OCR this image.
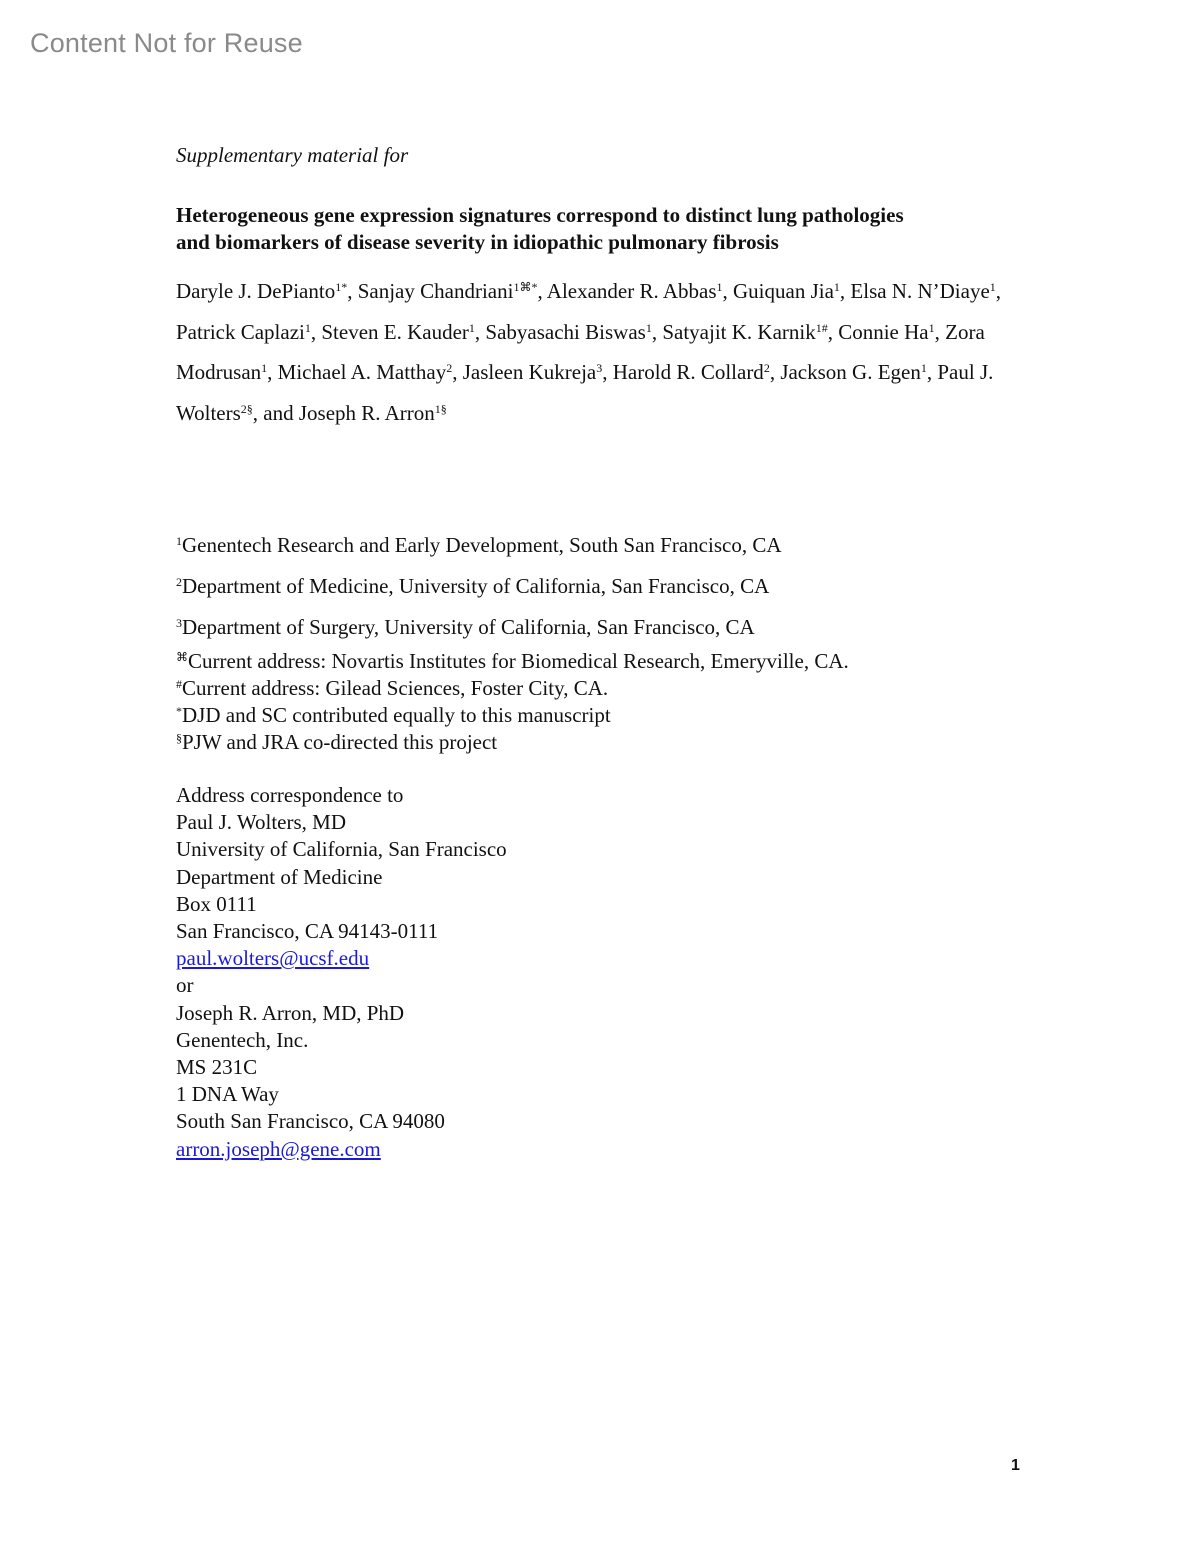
Content Not for Reuse

Supplementary material for

Heterogeneous gene expression signatures correspond to distinct lung pathologies
and biomarkers of disease severity in idiopathic pulmonary fibrosis
Daryle J. DePianto$^{1*}$, Sanjay Chandriani$^{1⌘*}$, Alexander R. Abbas$^1$, Guiquan Jia$^1$, Elsa N. N’Diaye$^1$, Patrick Caplazi$^1$, Steven E. Kauder$^1$, Sabyasachi Biswas$^1$, Satyajit K. Karnik$^{1\#}$, Connie Ha$^1$, Zora Modrusan$^1$, Michael A. Matthay$^2$, Jasleen Kukreja$^3$, Harold R. Collard$^2$, Jackson G. Egen$^1$, Paul J. Wolters$^{2\S}$, and Joseph R. Arron$^{1\S}$
$^1$Genentech Research and Early Development, South San Francisco, CA
$^2$Department of Medicine, University of California, San Francisco, CA
$^3$Department of Surgery, University of California, San Francisco, CA
⌘Current address: Novartis Institutes for Biomedical Research, Emeryville, CA.
#Current address: Gilead Sciences, Foster City, CA.
*DJD and SC contributed equally to this manuscript
§PJW and JRA co-directed this project
Address correspondence to
Paul J. Wolters, MD
University of California, San Francisco
Department of Medicine
Box 0111
San Francisco, CA 94143-0111
paul.wolters@ucsf.edu
or
Joseph R. Arron, MD, PhD
Genentech, Inc.
MS 231C
1 DNA Way
South San Francisco, CA 94080
arron.joseph@gene.com
1
